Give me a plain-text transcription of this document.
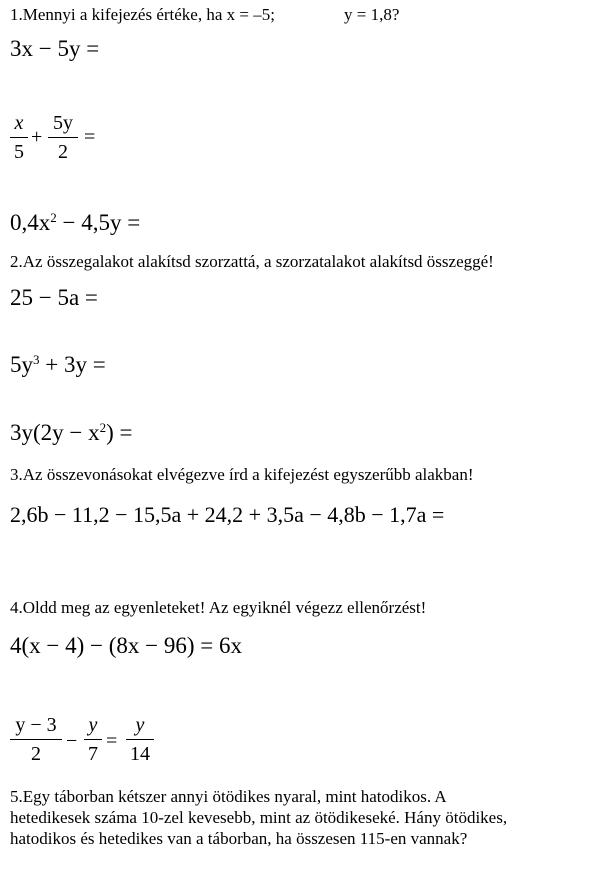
1.Mennyi a kifejezés értéke, ha x = –5;	y = 1,8?
3x − 5y =
x
5
+
5y
2
=
$0,4x^2 - 4,5y$ =
2.Az összegalakot alakítsd szorzattá, a szorzatalakot alakítsd összeggé!
25 − 5a =
$5y^3 + 3y$ =
$3y(2y - x^2)$ =
3.Az összevonásokat elvégezve írd a kifejezést egyszerűbb alakban!
2,6b − 11,2 − 15,5a + 24,2 + 3,5a − 4,8b − 1,7a =
4.Oldd meg az egyenleteket! Az egyiknél végezz ellenőrzést!
4(x − 4) − (8x − 96) = 6x
y − 3
2
−
y
7
=
y
14
5.Egy táborban kétszer annyi ötödikes nyaral, mint hatodikos. A
hetedikesek száma 10-zel kevesebb, mint az ötödikeseké. Hány ötödikes,
hatodikos és hetedikes van a táborban, ha összesen 115-en vannak?
